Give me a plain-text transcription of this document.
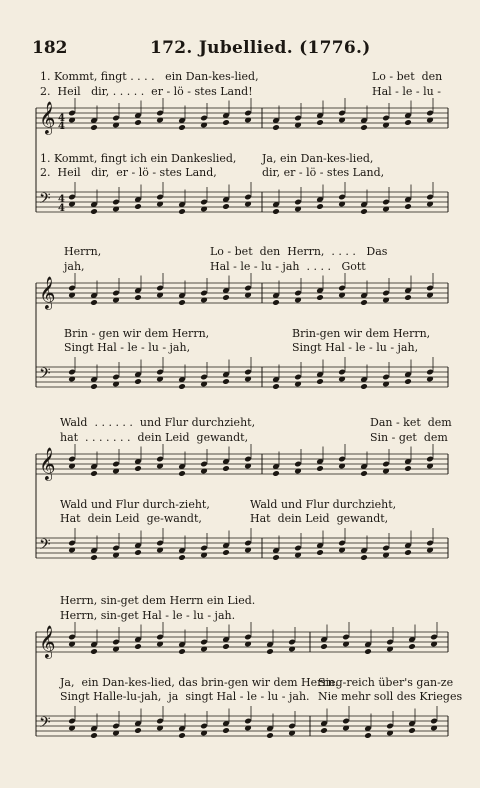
182	172. Jubellied. (1776.)
𝄞
𝄢
4
4
4
4
𝄞
𝄢
𝄞
𝄢
𝄞
𝄢
1. Kommt, fingt . . . .   ein Dan-kes-lied,	Lo - bet  den
2.  Heil   dir, . . . . .  er - lö - stes Land!	Hal - le - lu -
1. Kommt, fingt ich ein Dankeslied, Ja, ein Dan-kes-lied,
2.  Heil   dir,  er - lö - stes Land,	dir, er - lö - stes Land,
Herrn,	Lo - bet  den  Herrn,  . . . .   Das
jah,	Hal - le - lu - jah  . . . .   Gott
Brin - gen wir dem Herrn,	Brin-gen wir dem Herrn,
Singt Hal - le - lu - jah,	Singt Hal - le - lu - jah,
Wald  . . . . . .  und Flur durchzieht,	Dan - ket  dem
hat  . . . . . . .  dein Leid  gewandt,	Sin - get  dem
Wald und Flur durch-zieht,	Wald und Flur durchzieht,
Hat  dein Leid  ge-wandt,	Hat  dein Leid  gewandt,
Herrn, sin-get dem Herrn ein Lied.
Herrn, sin-get Hal - le - lu - jah.
Ja,  ein Dan-kes-lied, das brin-gen wir dem Herrn.
Sieg-reich über's gan-ze
Singt Halle-lu-jah,  ja  singt Hal - le - lu - jah. Nie mehr soll des Krieges
